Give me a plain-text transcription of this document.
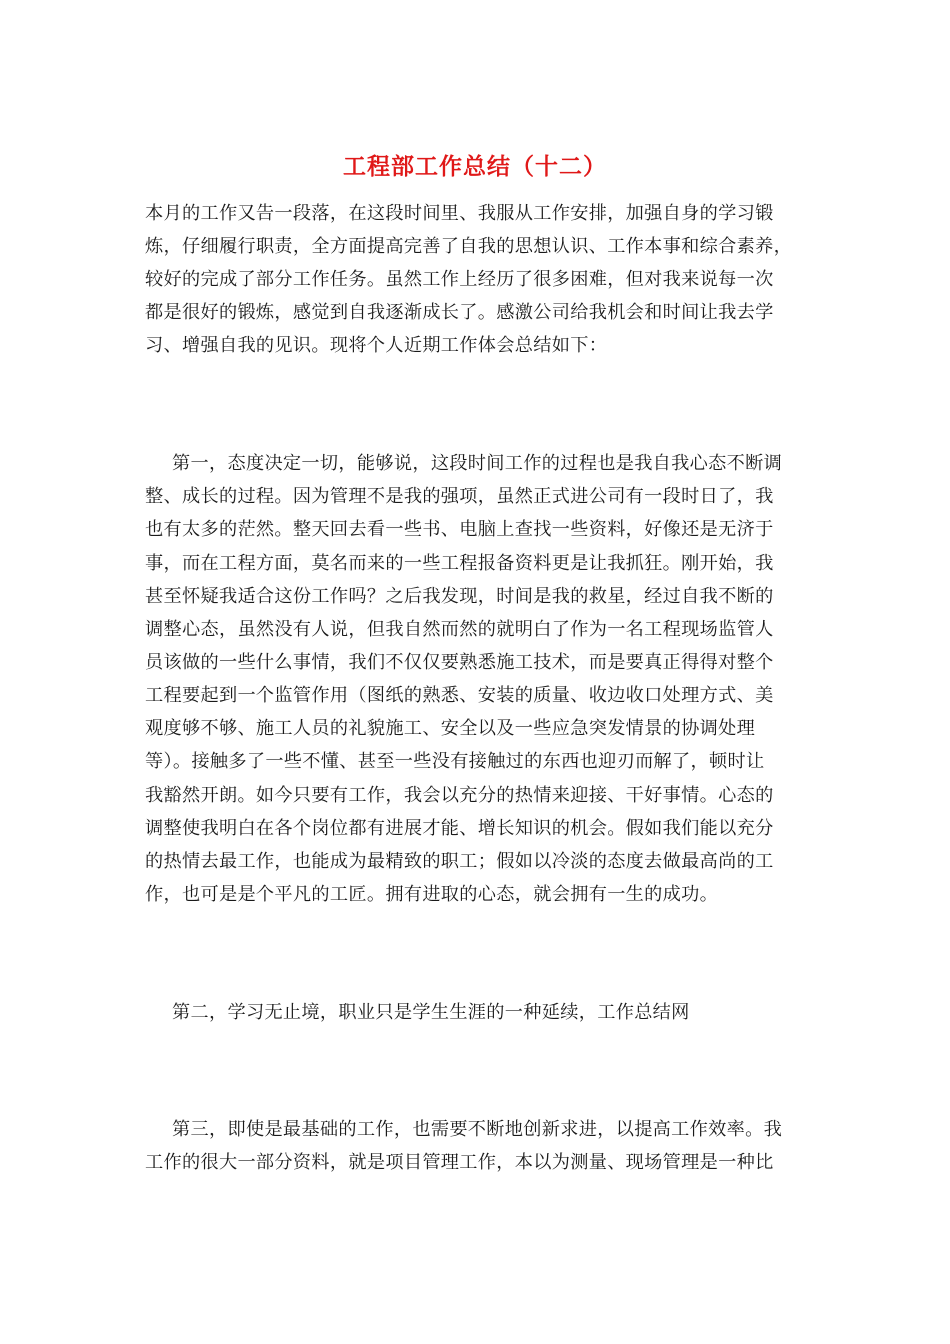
工程部工作总结（十二）
本月的工作又告一段落，在这段时间里、我服从工作安排，加强自身的学习锻
炼，仔细履行职责，全方面提高完善了自我的思想认识、工作本事和综合素养，
较好的完成了部分工作任务。虽然工作上经历了很多困难，但对我来说每一次
都是很好的锻炼，感觉到自我逐渐成长了。感激公司给我机会和时间让我去学
习、增强自我的见识。现将个人近期工作体会总结如下：
第一，态度决定一切，能够说，这段时间工作的过程也是我自我心态不断调
整、成长的过程。因为管理不是我的强项，虽然正式进公司有一段时日了，我
也有太多的茫然。整天回去看一些书、电脑上查找一些资料，好像还是无济于
事，而在工程方面，莫名而来的一些工程报备资料更是让我抓狂。刚开始，我
甚至怀疑我适合这份工作吗？之后我发现，时间是我的救星，经过自我不断的
调整心态，虽然没有人说，但我自然而然的就明白了作为一名工程现场监管人
员该做的一些什么事情，我们不仅仅要熟悉施工技术，而是要真正得得对整个
工程要起到一个监管作用（图纸的熟悉、安装的质量、收边收口处理方式、美
观度够不够、施工人员的礼貌施工、安全以及一些应急突发情景的协调处理
等）。接触多了一些不懂、甚至一些没有接触过的东西也迎刃而解了，顿时让
我豁然开朗。如今只要有工作，我会以充分的热情来迎接、干好事情。心态的
调整使我明白在各个岗位都有进展才能、增长知识的机会。假如我们能以充分
的热情去最工作，也能成为最精致的职工；假如以冷淡的态度去做最高尚的工
作，也可是是个平凡的工匠。拥有进取的心态，就会拥有一生的成功。
第二，学习无止境，职业只是学生生涯的一种延续，工作总结网
第三，即使是最基础的工作，也需要不断地创新求进，以提高工作效率。我
工作的很大一部分资料，就是项目管理工作，本以为测量、现场管理是一种比
